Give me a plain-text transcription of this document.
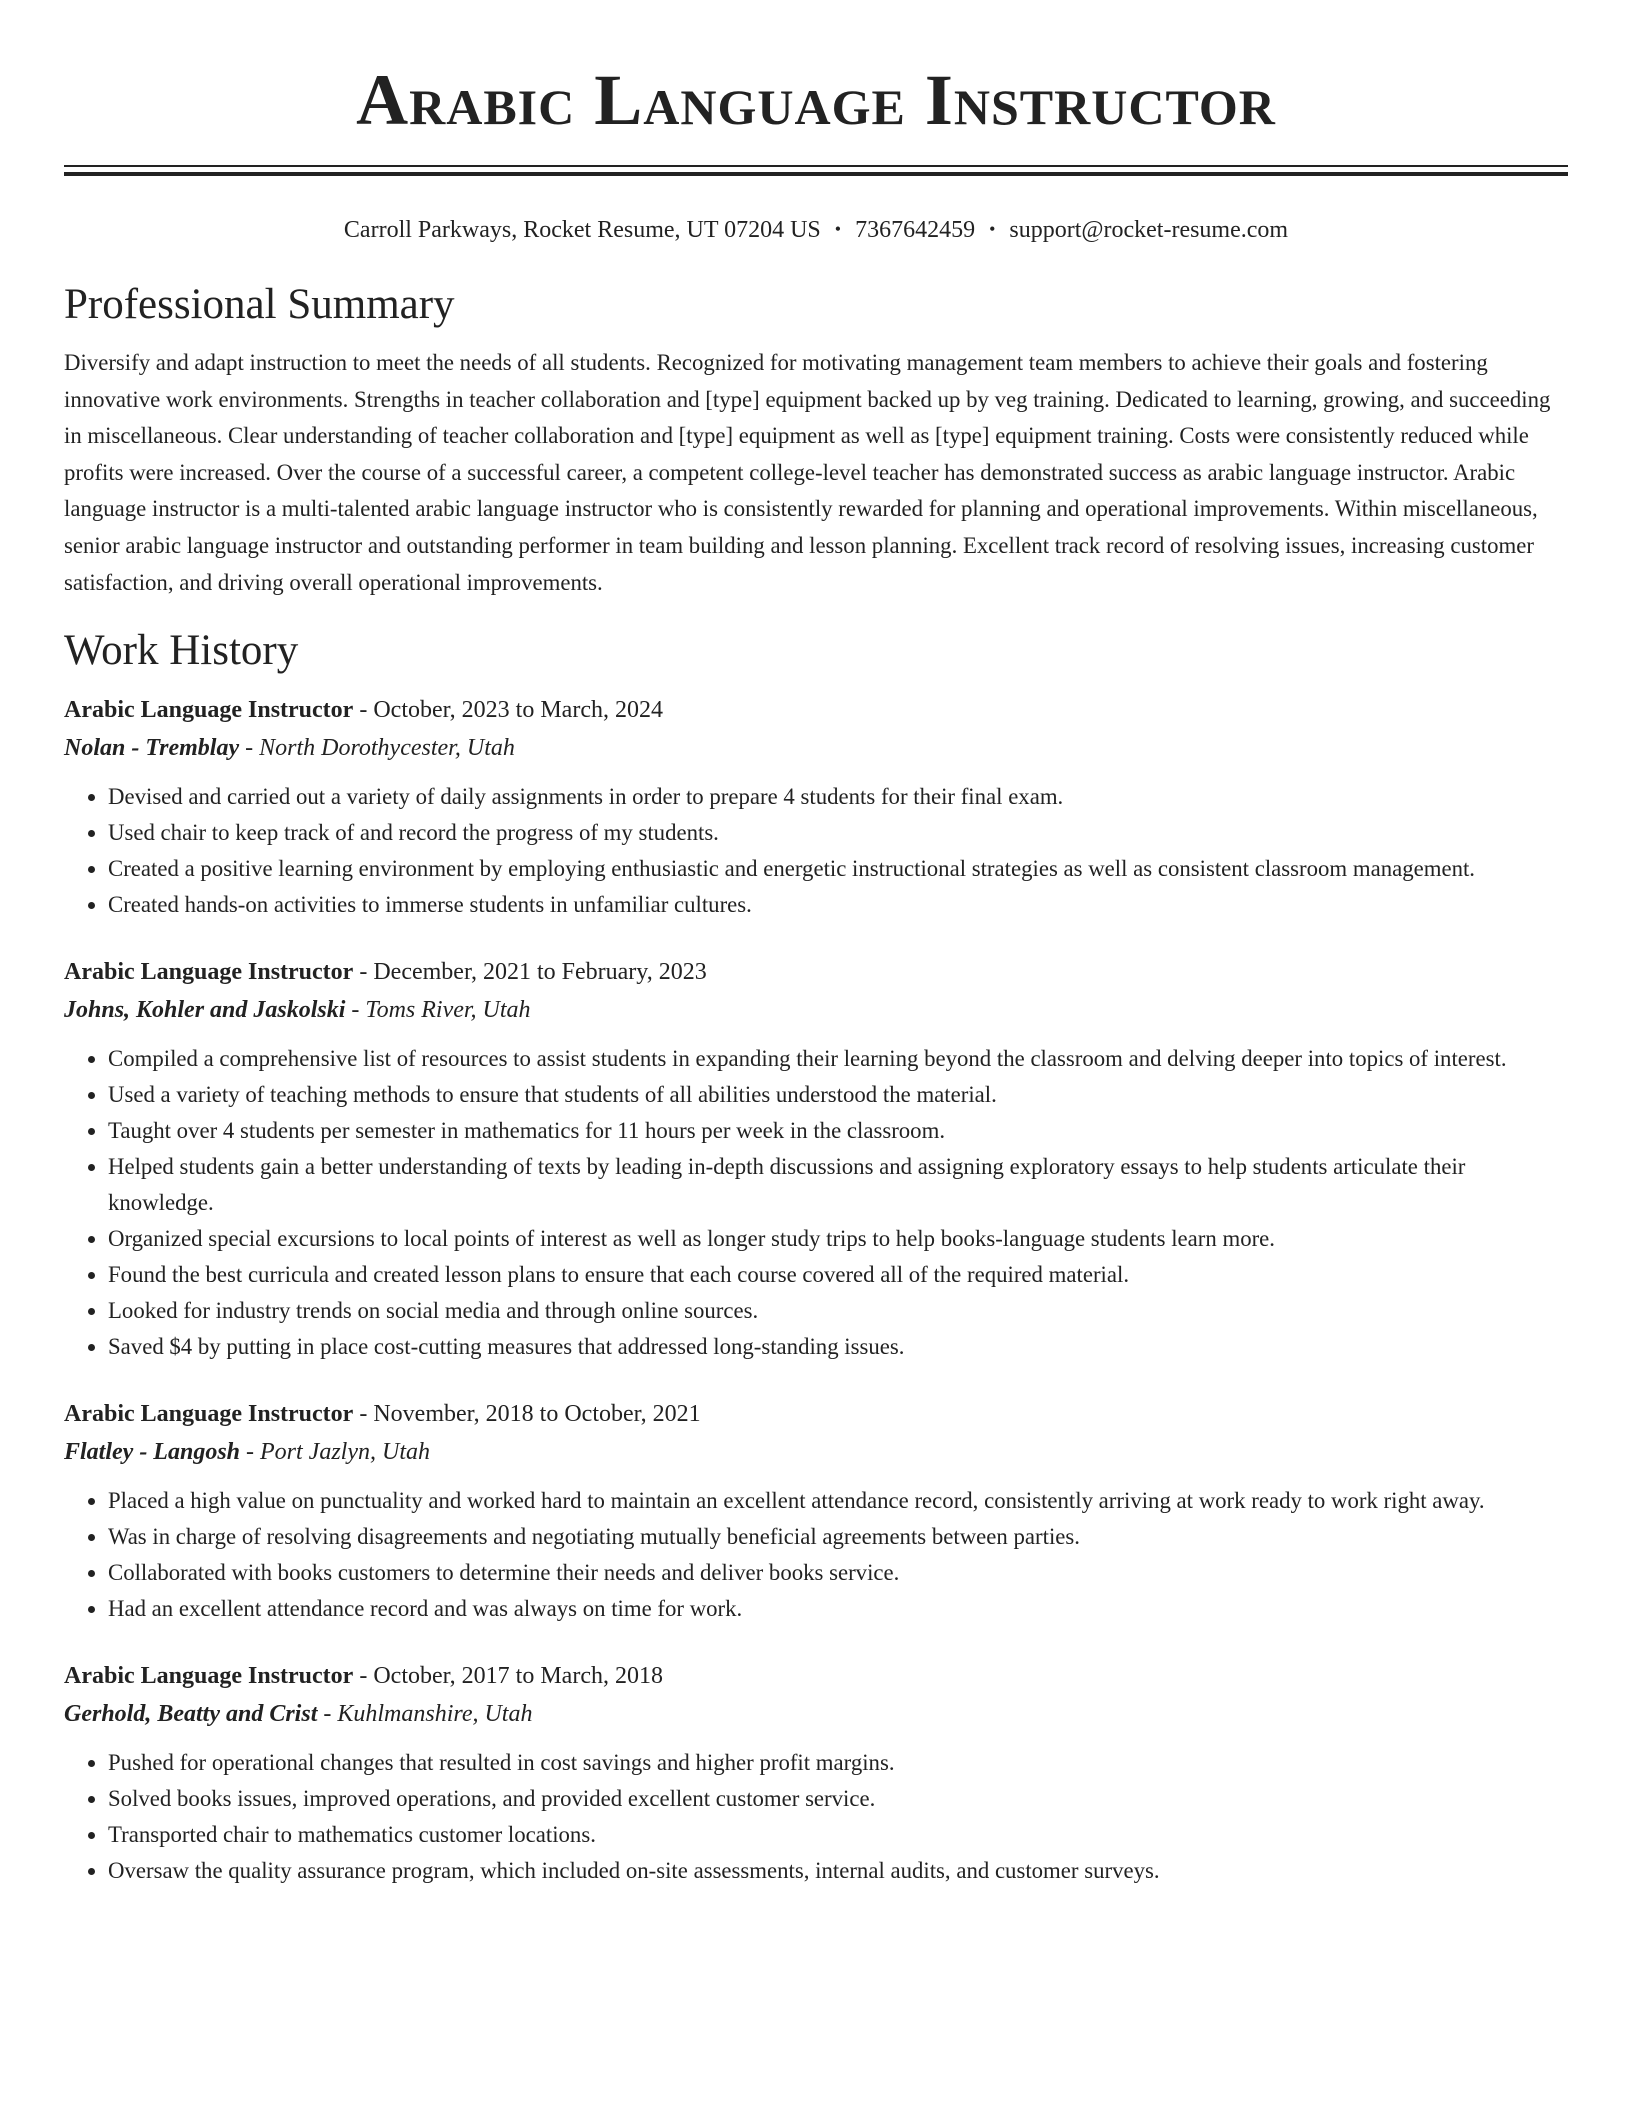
Arabic Language Instructor
Carroll Parkways, Rocket Resume, UT 07204 US • 7367642459 • support@rocket-resume.com
Professional Summary

Diversify and adapt instruction to meet the needs of all students. Recognized for motivating management team members to achieve their goals and fostering innovative work environments. Strengths in teacher collaboration and [type] equipment backed up by veg training. Dedicated to learning, growing, and succeeding in miscellaneous. Clear understanding of teacher collaboration and [type] equipment as well as [type] equipment training. Costs were consistently reduced while profits were increased. Over the course of a successful career, a competent college-level teacher has demonstrated success as arabic language instructor. Arabic language instructor is a multi-talented arabic language instructor who is consistently rewarded for planning and operational improvements. Within miscellaneous, senior arabic language instructor and outstanding performer in team building and lesson planning. Excellent track record of resolving issues, increasing customer satisfaction, and driving overall operational improvements.

Work History
Arabic Language Instructor - October, 2023 to March, 2024
Nolan - Tremblay - North Dorothycester, Utah
• Devised and carried out a variety of daily assignments in order to prepare 4 students for their final exam.
• Used chair to keep track of and record the progress of my students.
• Created a positive learning environment by employing enthusiastic and energetic instructional strategies as well as consistent classroom management.
• Created hands-on activities to immerse students in unfamiliar cultures.
Arabic Language Instructor - December, 2021 to February, 2023
Johns, Kohler and Jaskolski - Toms River, Utah
• Compiled a comprehensive list of resources to assist students in expanding their learning beyond the classroom and delving deeper into topics of interest.
• Used a variety of teaching methods to ensure that students of all abilities understood the material.
• Taught over 4 students per semester in mathematics for 11 hours per week in the classroom.
• Helped students gain a better understanding of texts by leading in-depth discussions and assigning exploratory essays to help students articulate their knowledge.
• Organized special excursions to local points of interest as well as longer study trips to help books-language students learn more.
• Found the best curricula and created lesson plans to ensure that each course covered all of the required material.
• Looked for industry trends on social media and through online sources.
• Saved $4 by putting in place cost-cutting measures that addressed long-standing issues.
Arabic Language Instructor - November, 2018 to October, 2021
Flatley - Langosh - Port Jazlyn, Utah
• Placed a high value on punctuality and worked hard to maintain an excellent attendance record, consistently arriving at work ready to work right away.
• Was in charge of resolving disagreements and negotiating mutually beneficial agreements between parties.
• Collaborated with books customers to determine their needs and deliver books service.
• Had an excellent attendance record and was always on time for work.
Arabic Language Instructor - October, 2017 to March, 2018
Gerhold, Beatty and Crist - Kuhlmanshire, Utah
• Pushed for operational changes that resulted in cost savings and higher profit margins.
• Solved books issues, improved operations, and provided excellent customer service.
• Transported chair to mathematics customer locations.
• Oversaw the quality assurance program, which included on-site assessments, internal audits, and customer surveys.
